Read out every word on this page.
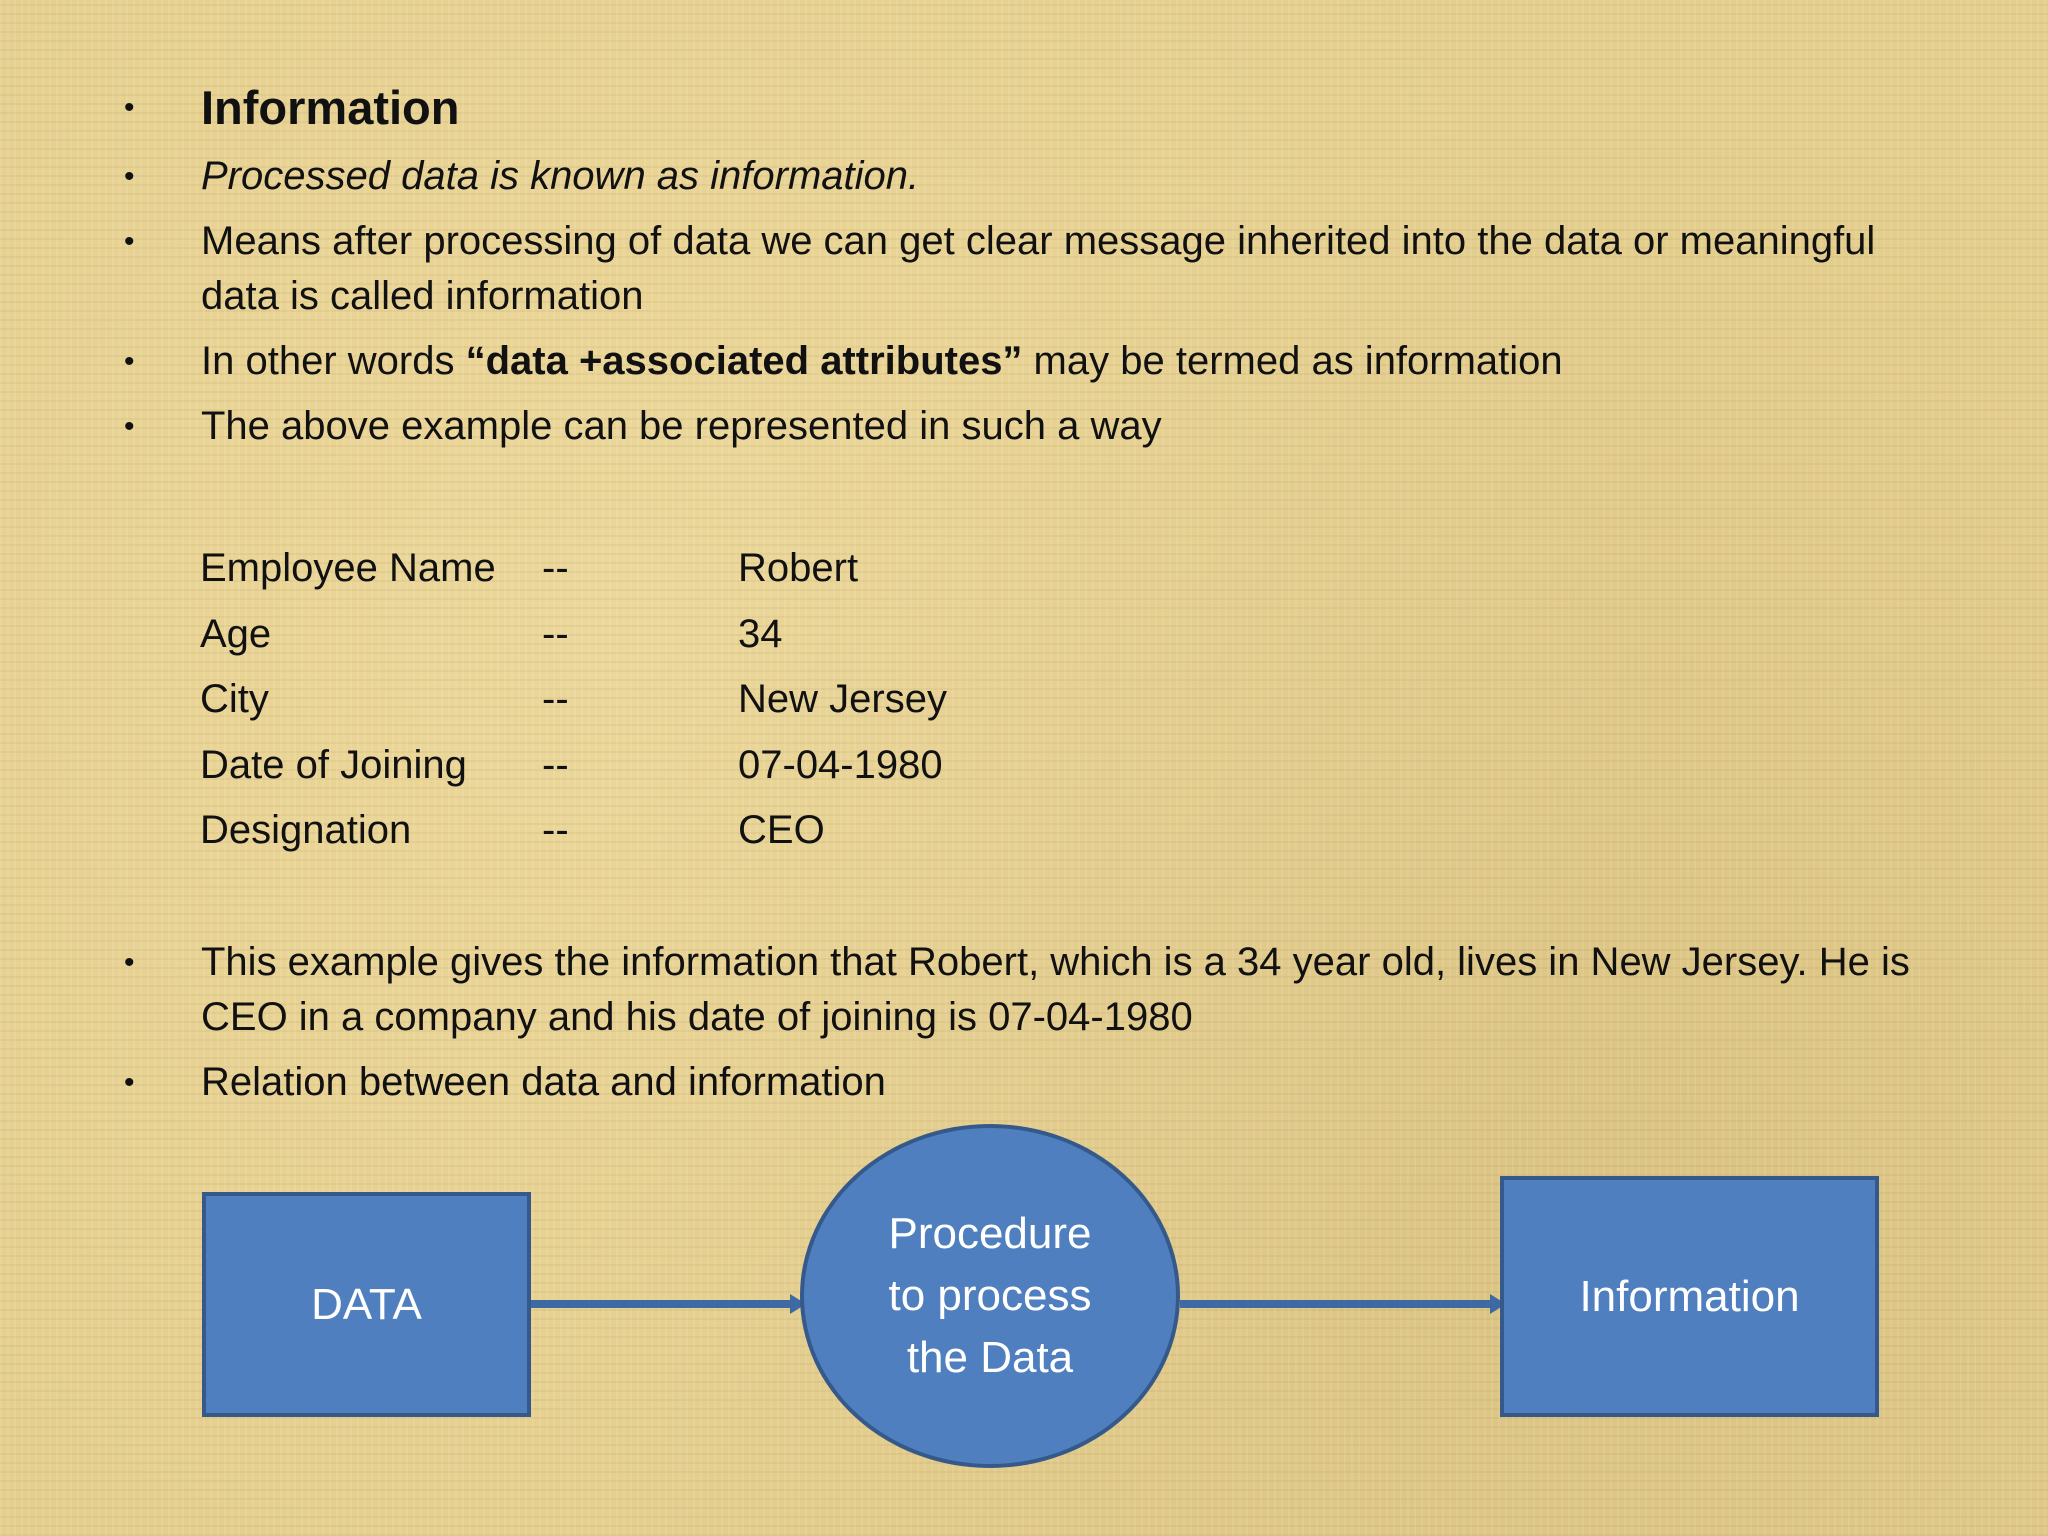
• Information
• Processed data is known as information.
• Means after processing of data we can get clear message inherited into the data or meaningful data is called information
• In other words “data +associated attributes” may be termed as information
• The above example can be represented in such a way
Employee Name	--	Robert
Age	--	34
City	--	New Jersey
Date of Joining	--	07-04-1980
Designation	--	CEO
• This example gives the information that Robert, which is a 34 year old, lives in New Jersey. He is CEO in a company and his date of joining is 07-04-1980
• Relation between data and information
DATA
Procedure
to process
the Data
Information
